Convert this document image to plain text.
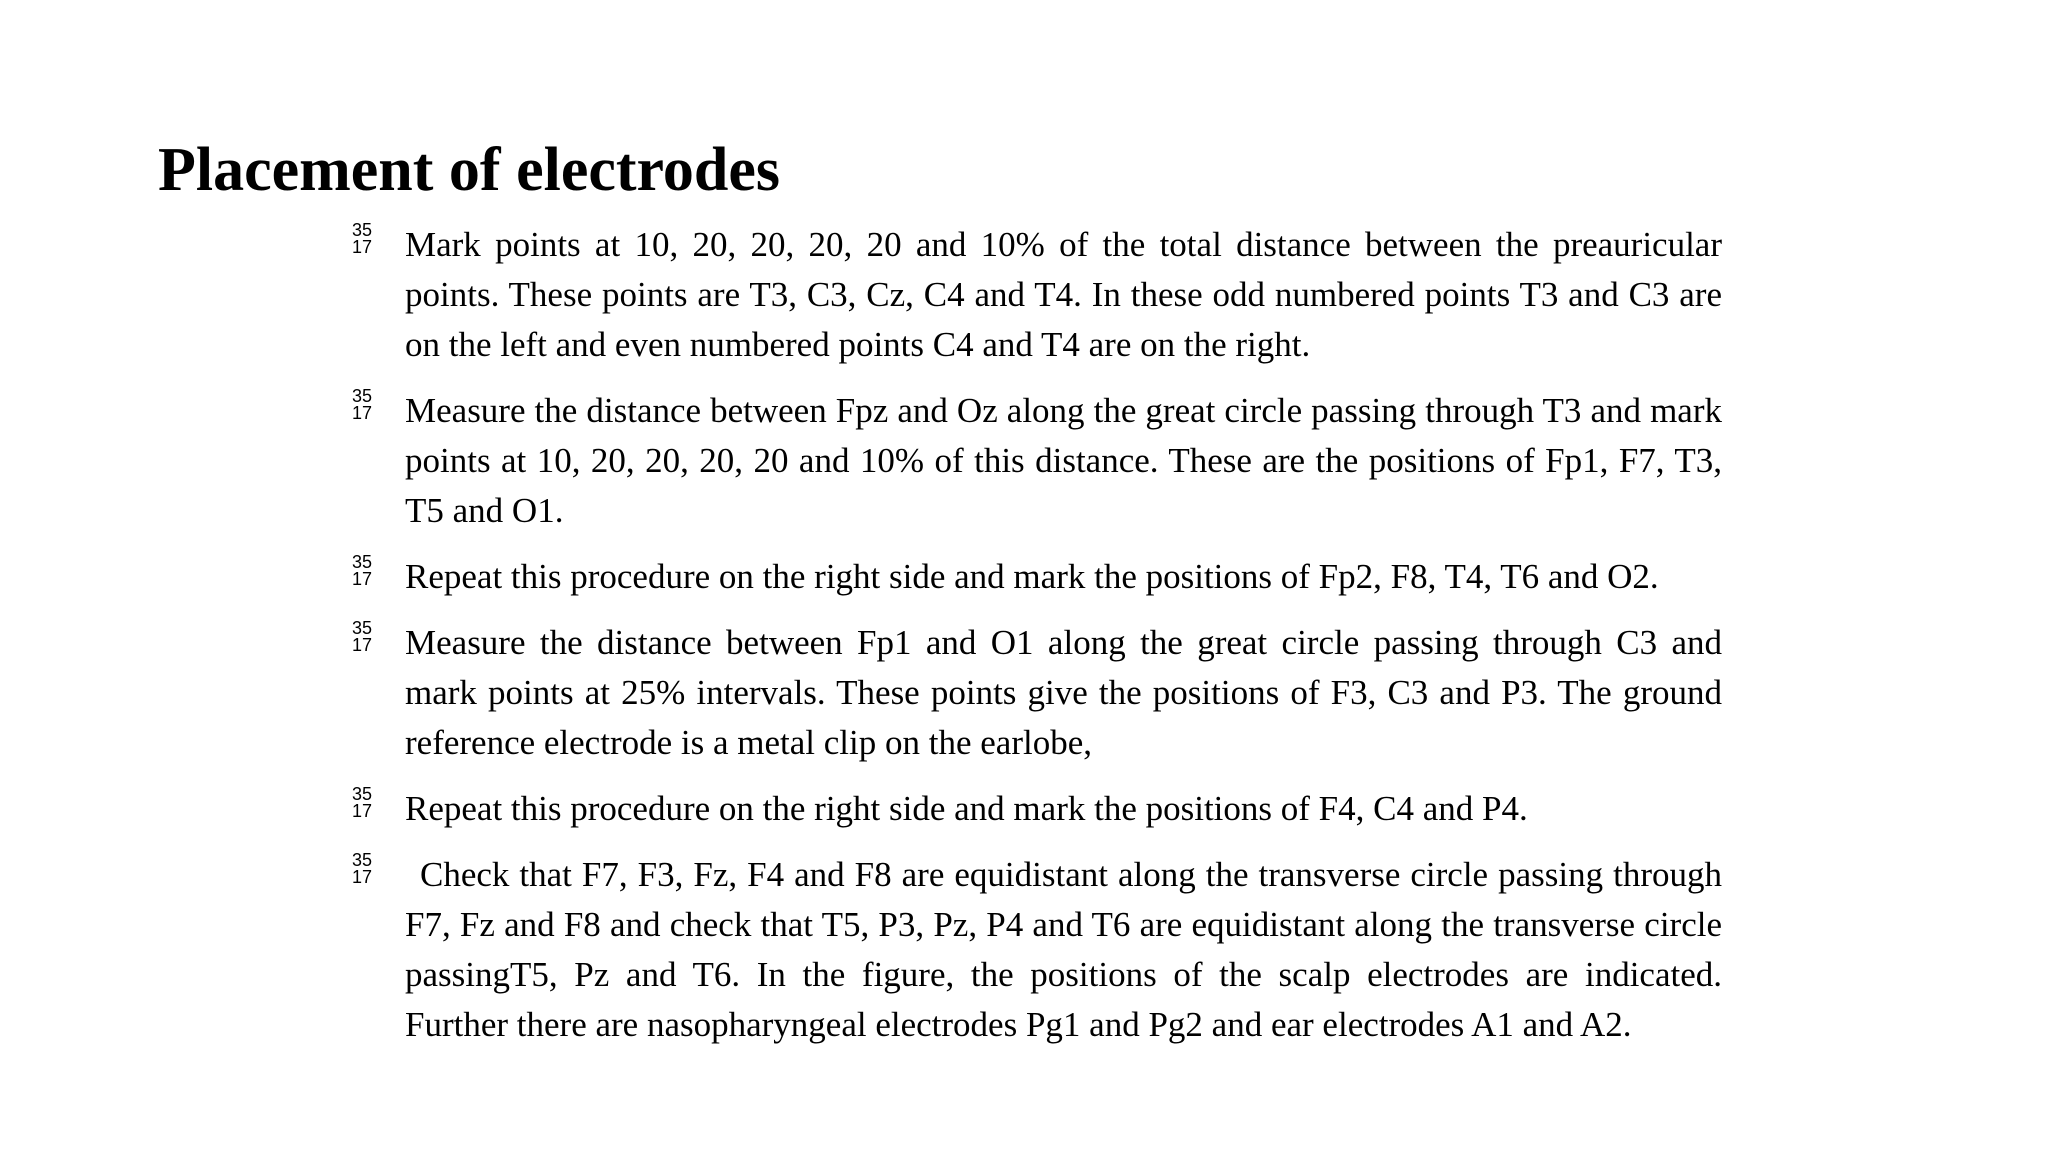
Placement of electrodes
35
17 Mark points at 10, 20, 20, 20, 20 and 10% of the total distance between the preauricular points. These points are T3, C3, Cz, C4 and T4. In these odd numbered points T3 and C3 are on the left and even numbered points C4 and T4 are on the right.
35
17 Measure the distance between Fpz and Oz along the great circle passing through T3 and mark points at 10, 20, 20, 20, 20 and 10% of this distance. These are the positions of Fp1, F7, T3, T5 and O1.
35
17 Repeat this procedure on the right side and mark the positions of Fp2, F8, T4, T6 and O2.
35
17 Measure the distance between Fp1 and O1 along the great circle passing through C3 and mark points at 25% intervals. These points give the positions of F3, C3 and P3. The ground reference electrode is a metal clip on the earlobe,
35
17 Repeat this procedure on the right side and mark the positions of F4, C4 and P4.
35
17 Check that F7, F3, Fz, F4 and F8 are equidistant along the transverse circle passing through F7, Fz and F8 and check that T5, P3, Pz, P4 and T6 are equidistant along the transverse circle passingT5, Pz and T6. In the figure, the positions of the scalp electrodes are indicated. Further there are nasopharyngeal electrodes Pg1 and Pg2 and ear electrodes A1 and A2.
